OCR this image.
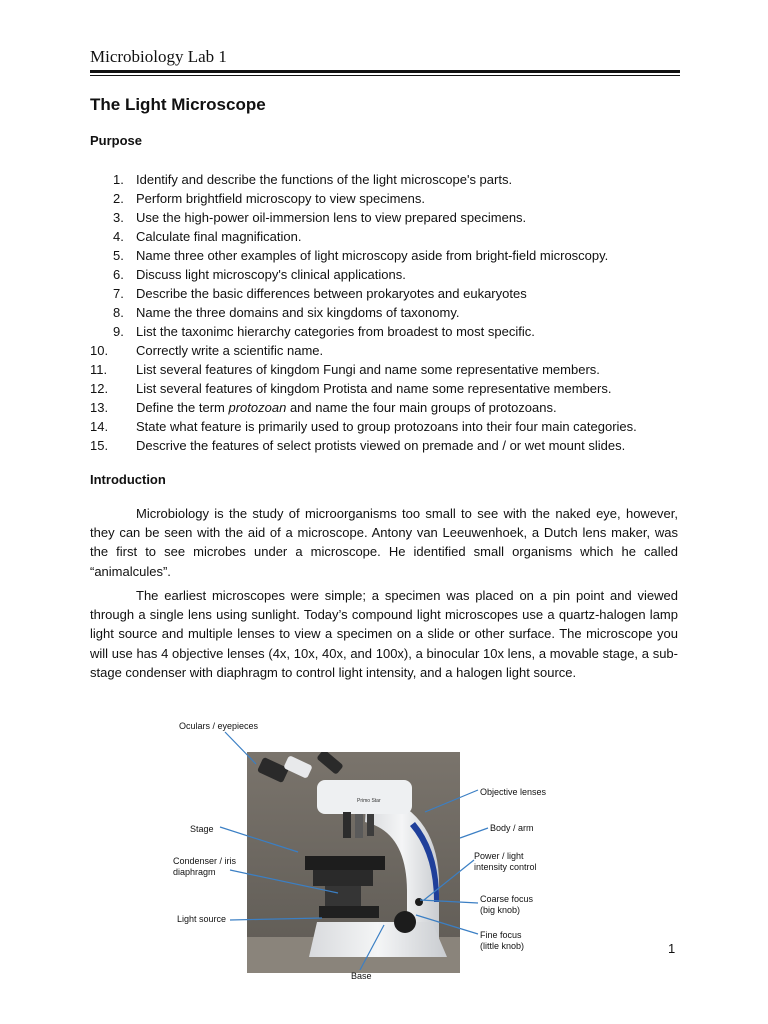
Microbiology Lab 1
The Light Microscope
Purpose
1. Identify and describe the functions of the light microscope's parts.
2. Perform brightfield microscopy to view specimens.
3. Use the high-power oil-immersion lens to view prepared specimens.
4. Calculate final magnification.
5. Name three other examples of light microscopy aside from bright-field microscopy.
6. Discuss light microscopy's clinical applications.
7. Describe the basic differences between prokaryotes and eukaryotes
8. Name the three domains and six kingdoms of taxonomy.
9. List the taxonimc hierarchy categories from broadest to most specific.
10.	Correctly write a scientific name.
11.	List several features of kingdom Fungi and name some representative members.
12.	List several features of kingdom Protista and name some representative members.
13.	Define the term protozoan and name the four main groups of protozoans.
14.	State what feature is primarily used to group protozoans into their four main categories.
15.	Descrive the features of select protists viewed on premade and / or wet mount slides.
Introduction

Microbiology is the study of microorganisms too small to see with the naked eye, however, they can be seen with the aid of a microscope. Antony van Leeuwenhoek, a Dutch lens maker, was the first to see microbes under a microscope. He identified small organisms which he called “animalcules”.

The earliest microscopes were simple; a specimen was placed on a pin point and viewed through a single lens using sunlight. Today’s compound light microscopes use a quartz-halogen lamp light source and multiple lenses to view a specimen on a slide or other surface. The microscope you will use has 4 objective lenses (4x, 10x, 40x, and 100x), a binocular 10x lens, a movable stage, a sub-stage condenser with diaphragm to control light intensity, and a halogen light source.

Primo Star
Oculars / eyepieces
Stage
Condenser / iris
diaphragm
Light source
Objective lenses
Body / arm
Power / light
intensity control
Coarse focus
(big knob)
Fine focus
(little knob)
Base
1
